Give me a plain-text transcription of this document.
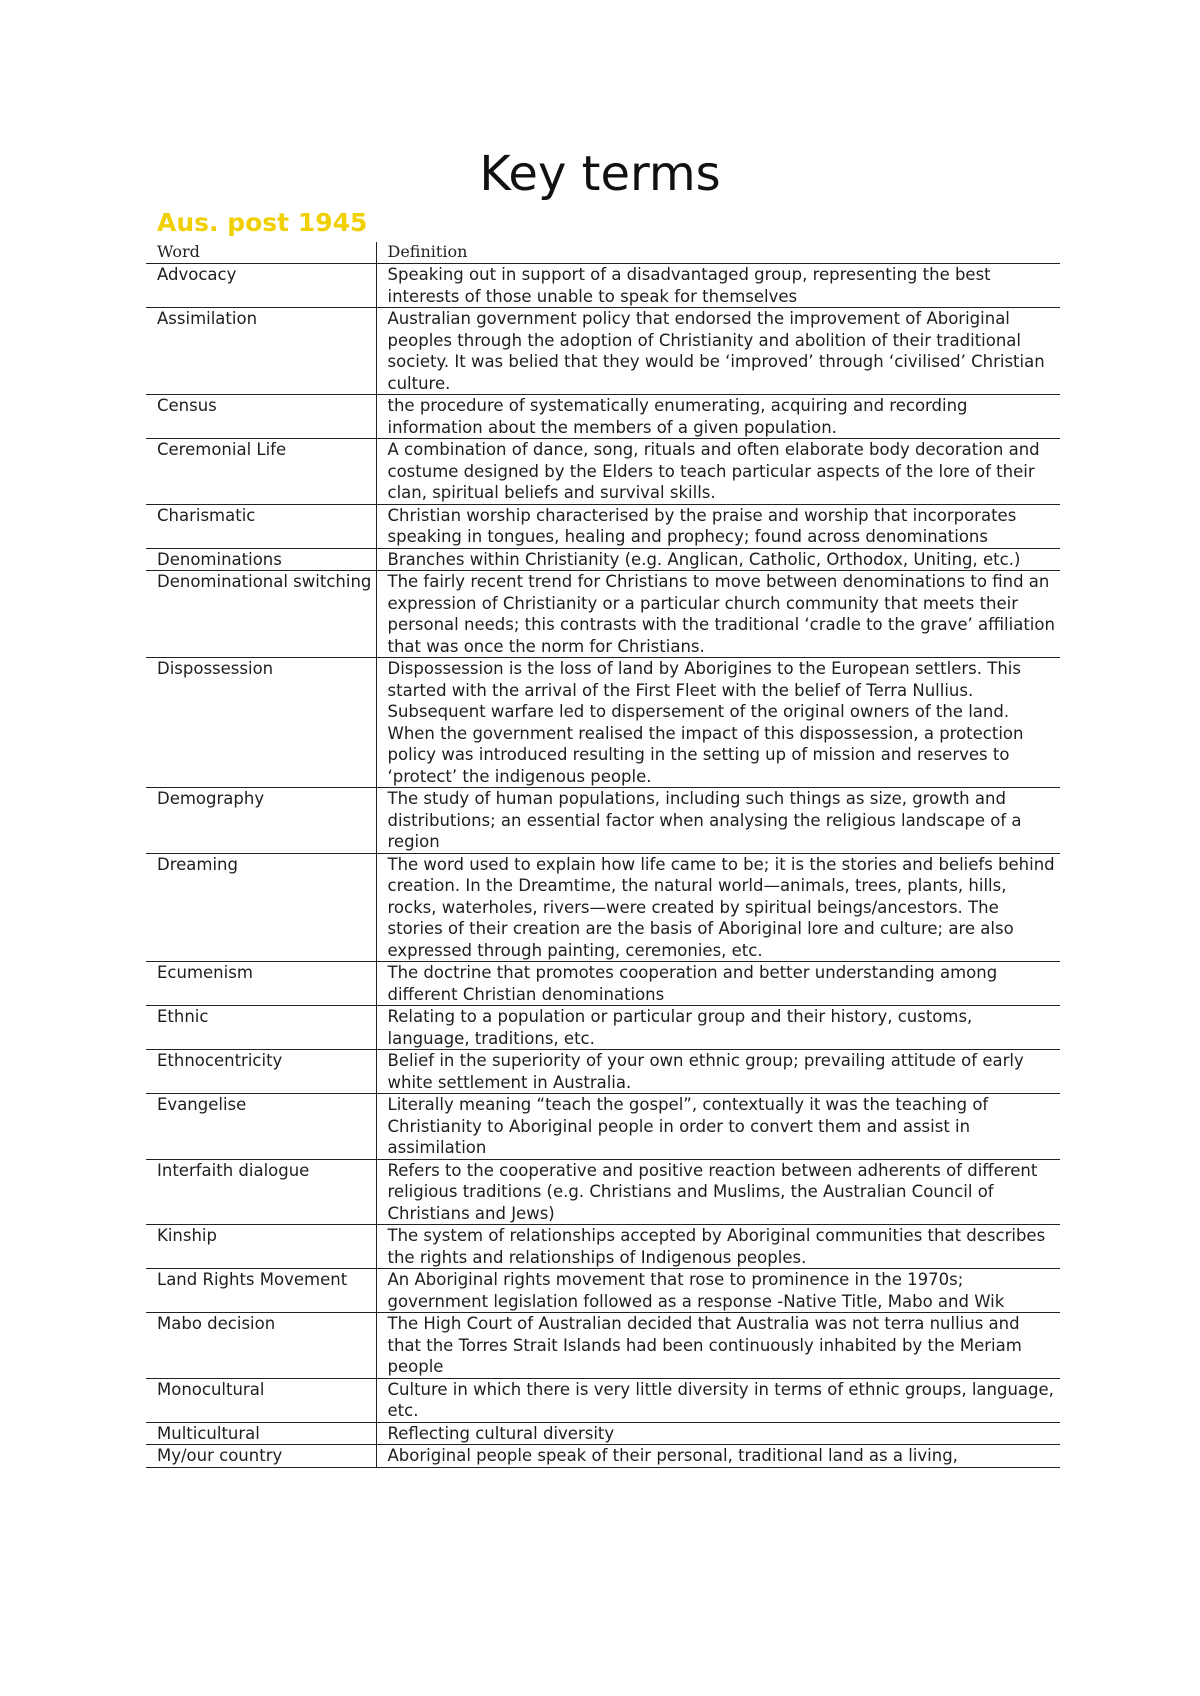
Key terms
Aus. post 1945
Word	Definition
Advocacy	Speaking out in support of a disadvantaged group, representing the best interests of those unable to speak for themselves
Assimilation	Australian government policy that endorsed the improvement of Aboriginal peoples through the adoption of Christianity and abolition of their traditional society. It was belied that they would be ‘improved’ through ‘civilised’ Christian culture.
Census	the procedure of systematically enumerating, acquiring and recording information about the members of a given population.
Ceremonial Life	A combination of dance, song, rituals and often elaborate body decoration and costume designed by the Elders to teach particular aspects of the lore of their clan, spiritual beliefs and survival skills.
Charismatic	Christian worship characterised by the praise and worship that incorporates speaking in tongues, healing and prophecy; found across denominations
Denominations	Branches within Christianity (e.g. Anglican, Catholic, Orthodox, Uniting, etc.)
Denominational switching	The fairly recent trend for Christians to move between denominations to find an expression of Christianity or a particular church community that meets their personal needs; this contrasts with the traditional ‘cradle to the grave’ affiliation that was once the norm for Christians.
Dispossession	Dispossession is the loss of land by Aborigines to the European settlers. This started with the arrival of the First Fleet with the belief of Terra Nullius. Subsequent warfare led to dispersement of the original owners of the land. When the government realised the impact of this dispossession, a protection policy was introduced resulting in the setting up of mission and reserves to ‘protect’ the indigenous people.
Demography	The study of human populations, including such things as size, growth and distributions; an essential factor when analysing the religious landscape of a region
Dreaming	The word used to explain how life came to be; it is the stories and beliefs behind creation. In the Dreamtime, the natural world—animals, trees, plants, hills, rocks, waterholes, rivers—were created by spiritual beings/ancestors. The stories of their creation are the basis of Aboriginal lore and culture; are also expressed through painting, ceremonies, etc.
Ecumenism	The doctrine that promotes cooperation and better understanding among different Christian denominations
Ethnic	Relating to a population or particular group and their history, customs, language, traditions, etc.
Ethnocentricity	Belief in the superiority of your own ethnic group; prevailing attitude of early white settlement in Australia.
Evangelise	Literally meaning “teach the gospel”, contextually it was the teaching of Christianity to Aboriginal people in order to convert them and assist in assimilation
Interfaith dialogue	Refers to the cooperative and positive reaction between adherents of different religious traditions (e.g. Christians and Muslims, the Australian Council of Christians and Jews)
Kinship	The system of relationships accepted by Aboriginal communities that describes the rights and relationships of Indigenous peoples.
Land Rights Movement	An Aboriginal rights movement that rose to prominence in the 1970s; government legislation followed as a response -Native Title, Mabo and Wik
Mabo decision	The High Court of Australian decided that Australia was not terra nullius and that the Torres Strait Islands had been continuously inhabited by the Meriam people
Monocultural	Culture in which there is very little diversity in terms of ethnic groups, language, etc.
Multicultural	Reflecting cultural diversity
My/our country	Aboriginal people speak of their personal, traditional land as a living,
